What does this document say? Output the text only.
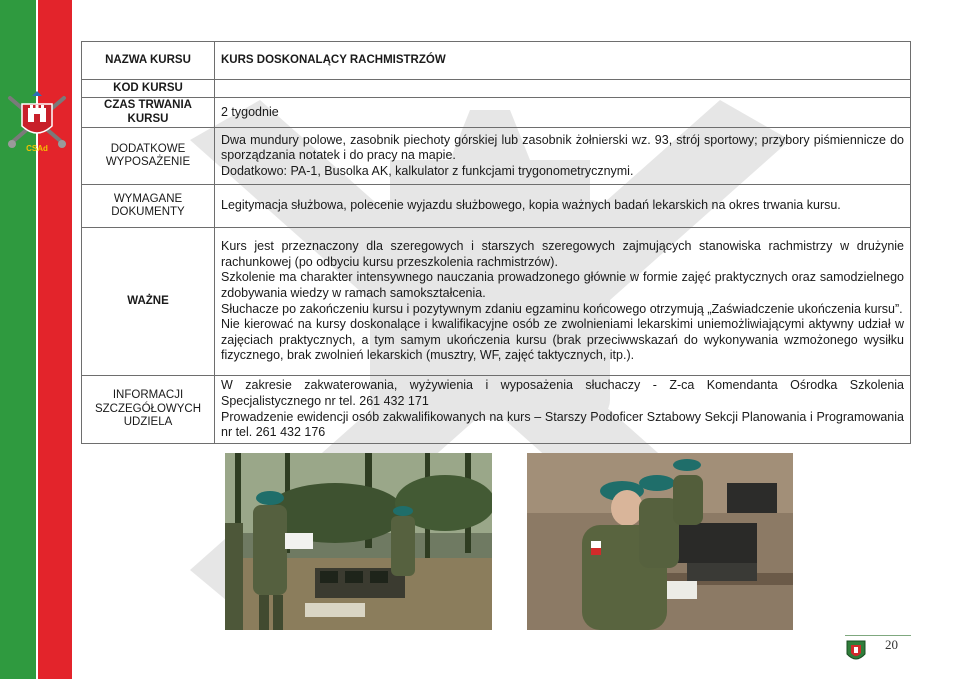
CSAd
NAZWA KURSU	KURS DOSKONALĄCY RACHMISTRZÓW
KOD KURSU	
CZAS TRWANIA KURSU	2 tygodnie
DODATKOWE WYPOSAŻENIE	Dwa mundury polowe, zasobnik piechoty górskiej lub zasobnik żołnierski wz. 93, strój sportowy; przybory piśmiennicze do sporządzania notatek i do pracy na mapie.
Dodatkowo: PA-1, Busolka AK, kalkulator z funkcjami trygonometrycznymi.

WYMAGANE DOKUMENTY	Legitymacja służbowa, polecenie wyjazdu służbowego, kopia ważnych badań lekarskich na okres trwania kursu.
WAŻNE	Kurs jest przeznaczony dla szeregowych i starszych szeregowych zajmujących stanowiska rachmistrzy w drużynie rachunkowej (po odbyciu kursu przeszkolenia rachmistrzów).
Szkolenie ma charakter intensywnego nauczania prowadzonego głównie w formie zajęć praktycznych oraz samodzielnego zdobywania wiedzy w ramach samokształcenia.
Słuchacze po zakończeniu kursu i pozytywnym zdaniu egzaminu końcowego otrzymują „Zaświadczenie ukończenia kursu”.
Nie kierować na kursy doskonalące i kwalifikacyjne osób ze zwolnieniami lekarskimi uniemożliwiającymi aktywny udział w zajęciach praktycznych, a tym samym ukończenia kursu (brak przeciwwskazań do wykonywania wzmożonego wysiłku fizycznego, brak zwolnień lekarskich (musztry, WF, zajęć taktycznych, itp.).

INFORMACJI SZCZEGÓŁOWYCH UDZIELA	W zakresie zakwaterowania, wyżywienia i wyposażenia słuchaczy - Z-ca Komendanta Ośrodka Szkolenia Specjalistycznego nr tel. 261 432 171
Prowadzenie ewidencji osób zakwalifikowanych na kurs – Starszy Podoficer Sztabowy Sekcji Planowania i Programowania nr tel. 261 432 176
20
